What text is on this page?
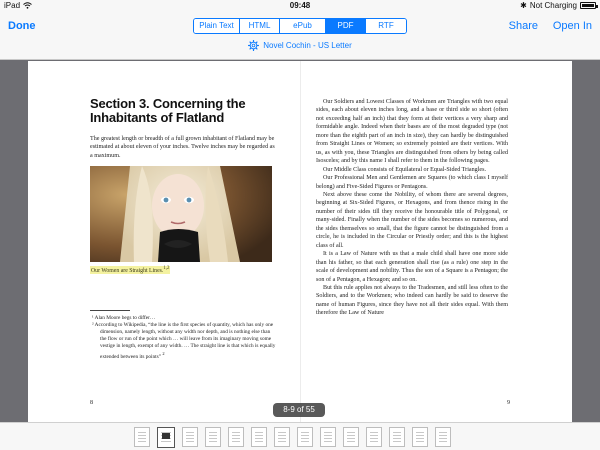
iPad	09:48	✱ Not Charging
Done	Plain Text	HTML	ePub	PDF	RTF	Share Open In
Novel Cochin - US Letter
Section 3. Concerning the Inhabitants of Flatland
The greatest length or breadth of a full grown inhabitant of Flatland may be estimated at about eleven of your inches. Twelve inches may be regarded as a maximum.
Our Women are Straight Lines.$^{1,2}$
¹ Alan Moore begs to differ…
² According to Wikipedia, “the line is the first species of quantity, which has only one dimension, namely length, without any width nor depth, and is nothing else than the flow or run of the point which … will leave from its imaginary moving some vestige in length, exempt of any width. … The straight line is that which is equally extended between its points” $^2$
8

Our Soldiers and Lowest Classes of Workmen are Triangles with two equal sides, each about eleven inches long, and a base or third side so short (often not exceeding half an inch) that they form at their vertices a very sharp and formidable angle. Indeed when their bases are of the most degraded type (not more than the eighth part of an inch in size), they can hardly be distinguished from Straight Lines or Women; so extremely pointed are their vertices. With us, as with you, these Triangles are distinguished from others by being called Isosceles; and by this name I shall refer to them in the following pages.

Our Middle Class consists of Equilateral or Equal-Sided Triangles.

Our Professional Men and Gentlemen are Squares (to which class I myself belong) and Five-Sided Figures or Pentagons.

Next above these come the Nobility, of whom there are several degrees, beginning at Six-Sided Figures, or Hexagons, and from thence rising in the number of their sides till they receive the honourable title of Polygonal, or many-sided. Finally when the number of the sides becomes so numerous, and the sides themselves so small, that the figure cannot be distinguished from a circle, he is included in the Circular or Priestly order; and this is the highest class of all.

It is a Law of Nature with us that a male child shall have one more side than his father, so that each generation shall rise (as a rule) one step in the scale of development and nobility. Thus the son of a Square is a Pentagon; the son of a Pentagon, a Hexagon; and so on.

But this rule applies not always to the Tradesmen, and still less often to the Soldiers, and to the Workmen; who indeed can hardly be said to deserve the name of human Figures, since they have not all their sides equal. With them therefore the Law of Nature

9
8-9 of 55
